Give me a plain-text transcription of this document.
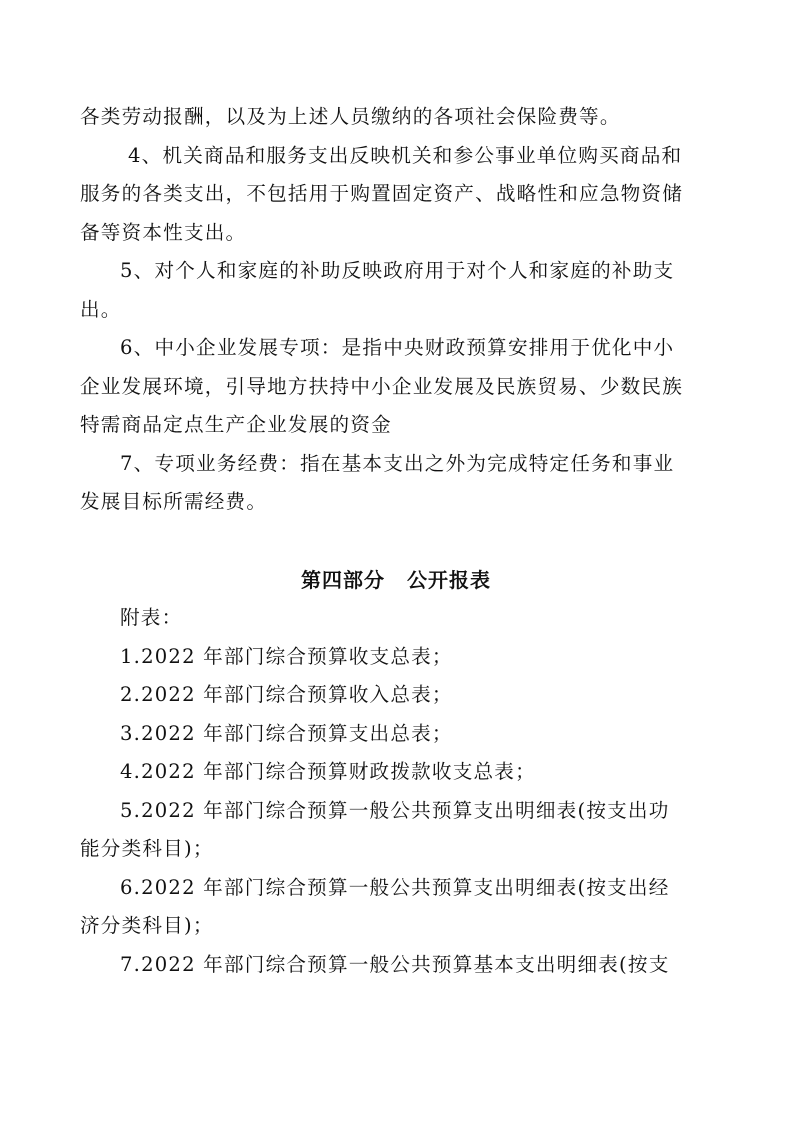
各类劳动报酬，以及为上述人员缴纳的各项社会保险费等。
4、机关商品和服务支出反映机关和参公事业单位购买商品和
服务的各类支出，不包括用于购置固定资产、战略性和应急物资储
备等资本性支出。
5、对个人和家庭的补助反映政府用于对个人和家庭的补助支
出。
6、中小企业发展专项：是指中央财政预算安排用于优化中小
企业发展环境，引导地方扶持中小企业发展及民族贸易、少数民族
特需商品定点生产企业发展的资金
7、专项业务经费：指在基本支出之外为完成特定任务和事业
发展目标所需经费。
第四部分 公开报表
附表：
1.2022 年部门综合预算收支总表；
2.2022 年部门综合预算收入总表；
3.2022 年部门综合预算支出总表；
4.2022 年部门综合预算财政拨款收支总表；
5.2022 年部门综合预算一般公共预算支出明细表(按支出功
能分类科目)；
6.2022 年部门综合预算一般公共预算支出明细表(按支出经
济分类科目)；
7.2022 年部门综合预算一般公共预算基本支出明细表(按支
